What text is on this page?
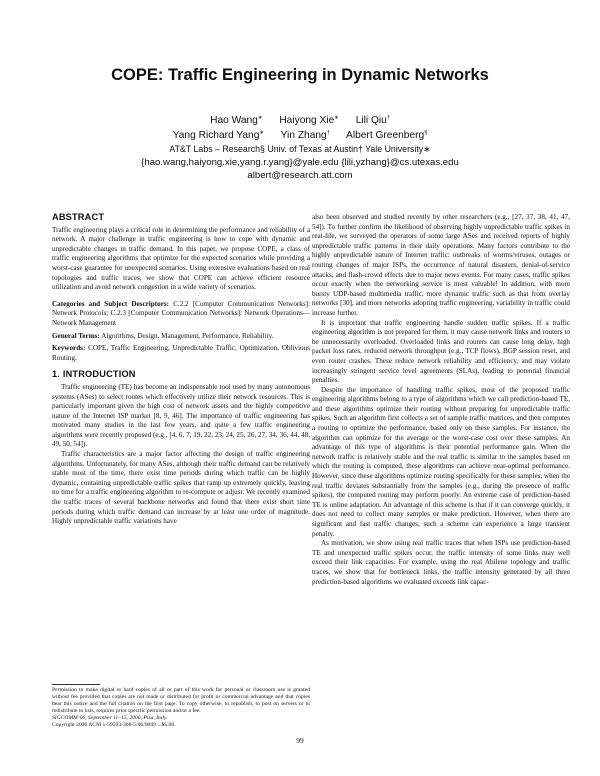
COPE: Traffic Engineering in Dynamic Networks
Hao Wang∗ Haiyong Xie∗ Lili Qiu†
Yang Richard Yang∗ Yin Zhang† Albert Greenberg§
AT&T Labs – Research§ Univ. of Texas at Austin† Yale University∗
{hao.wang,haiyong.xie,yang.r.yang}@yale.edu {lili,yzhang}@cs.utexas.edu
albert@research.att.com
ABSTRACT

Traffic engineering plays a critical role in determining the performance and reliability of a network. A major challenge in traffic engineering is how to cope with dynamic and unpredictable changes in traffic demand. In this paper, we propose COPE, a class of traffic engineering algorithms that optimize for the expected scenarios while providing a worst-case guarantee for unexpected scenarios. Using extensive evaluations based on real topologies and traffic traces, we show that COPE can achieve efficient resource utilization and avoid network congestion in a wide variety of scenarios.

Categories and Subject Descriptors: C.2.2 [Computer Communication Networks]: Network Protocols; C.2.3 [Computer Communication Networks]: Network Operations—Network Management

General Terms: Algorithms, Design, Management, Performance, Reliability.

Keywords: COPE, Traffic Engineering, Unpredictable Traffic, Optimization, Oblivious Routing.

1. INTRODUCTION

Traffic engineering (TE) has become an indispensable tool used by many autonomous systems (ASes) to select routes which effectively utilize their network resources. This is particularly important given the high cost of network assets and the highly competitive nature of the Internet ISP market [8, 9, 46]. The importance of traffic engineering has motivated many studies in the last few years, and quite a few traffic engineering algorithms were recently proposed (e.g., [4, 6, 7, 19, 22, 23, 24, 25, 26, 27, 34, 36, 44, 48, 49, 50, 54]).

Traffic characteristics are a major factor affecting the design of traffic engineering algorithms. Unfortunately, for many ASes, although their traffic demand can be relatively stable most of the time, there exist time periods during which traffic can be highly dynamic, containing unpredictable traffic spikes that ramp up extremely quickly, leaving no time for a traffic engineering algorithm to re-compute or adjust. We recently examined the traffic traces of several backbone networks and found that there exist short time periods during which traffic demand can increase by at least one order of magnitude. Highly unpredictable traffic variations have

Permission to make digital or hard copies of all or part of this work for personal or classroom use is granted without fee provided that copies are not made or distributed for profit or commercial advantage and that copies bear this notice and the full citation on the first page. To copy otherwise, to republish, to post on servers or to redistribute to lists, requires prior specific permission and/or a fee.

SIGCOMM’06, September 11–15, 2006, Pisa, Italy.

Copyright 2006 ACM 1-59593-308-5/06/0009 ...$5.00.

also been observed and studied recently by other researchers (e.g., [27, 37, 38, 41, 47, 54]). To further confirm the likelihood of observing highly unpredictable traffic spikes in real-life, we surveyed the operators of some large ASes and received reports of highly unpredictable traffic patterns in their daily operations. Many factors contribute to the highly unpredictable nature of Internet traffic: outbreaks of worms/viruses, outages or routing changes of major ISPs, the occurrence of natural disasters, denial-of-service attacks, and flash-crowd effects due to major news events. For many cases, traffic spikes occur exactly when the networking service is most valuable! In addition, with more bursty UDP-based multimedia traffic, more dynamic traffic such as that from overlay networks [30], and more networks adopting traffic engineering, variability in traffic could increase further.

It is important that traffic engineering handle sudden traffic spikes. If a traffic engineering algorithm is not prepared for them, it may cause network links and routers to be unnecessarily overloaded. Overloaded links and routers can cause long delay, high packet loss rates, reduced network throughput (e.g., TCP flows), BGP session reset, and even router crashes. These reduce network reliability and efficiency, and may violate increasingly stringent service level agreements (SLAs), leading to potential financial penalties.

Despite the importance of handling traffic spikes, most of the proposed traffic engineering algorithms belong to a type of algorithms which we call prediction-based TE, and these algorithms optimize their routing without preparing for unpredictable traffic spikes. Such an algorithm first collects a set of sample traffic matrices, and then computes a routing to optimize the performance, based only on these samples. For instance, the algorithm can optimize for the average or the worst-case cost over these samples. An advantage of this type of algorithms is their potential performance gain. When the network traffic is relatively stable and the real traffic is similar to the samples based on which the routing is computed, these algorithms can achieve near-optimal performance. However, since these algorithms optimize routing specifically for these samples, when the real traffic deviates substantially from the samples (e.g., during the presence of traffic spikes), the computed routing may perform poorly. An extreme case of prediction-based TE is online adaptation. An advantage of this scheme is that if it can converge quickly, it does not need to collect many samples or make prediction. However, when there are significant and fast traffic changes, such a scheme can experience a large transient penalty.

As motivation, we show using real traffic traces that when ISPs use prediction-based TE and unexpected traffic spikes occur, the traffic intensity of some links may well exceed their link capacities. For example, using the real Abilene topology and traffic traces, we show that for bottleneck links, the traffic intensity generated by all three prediction-based algorithms we evaluated exceeds link capac-

99
